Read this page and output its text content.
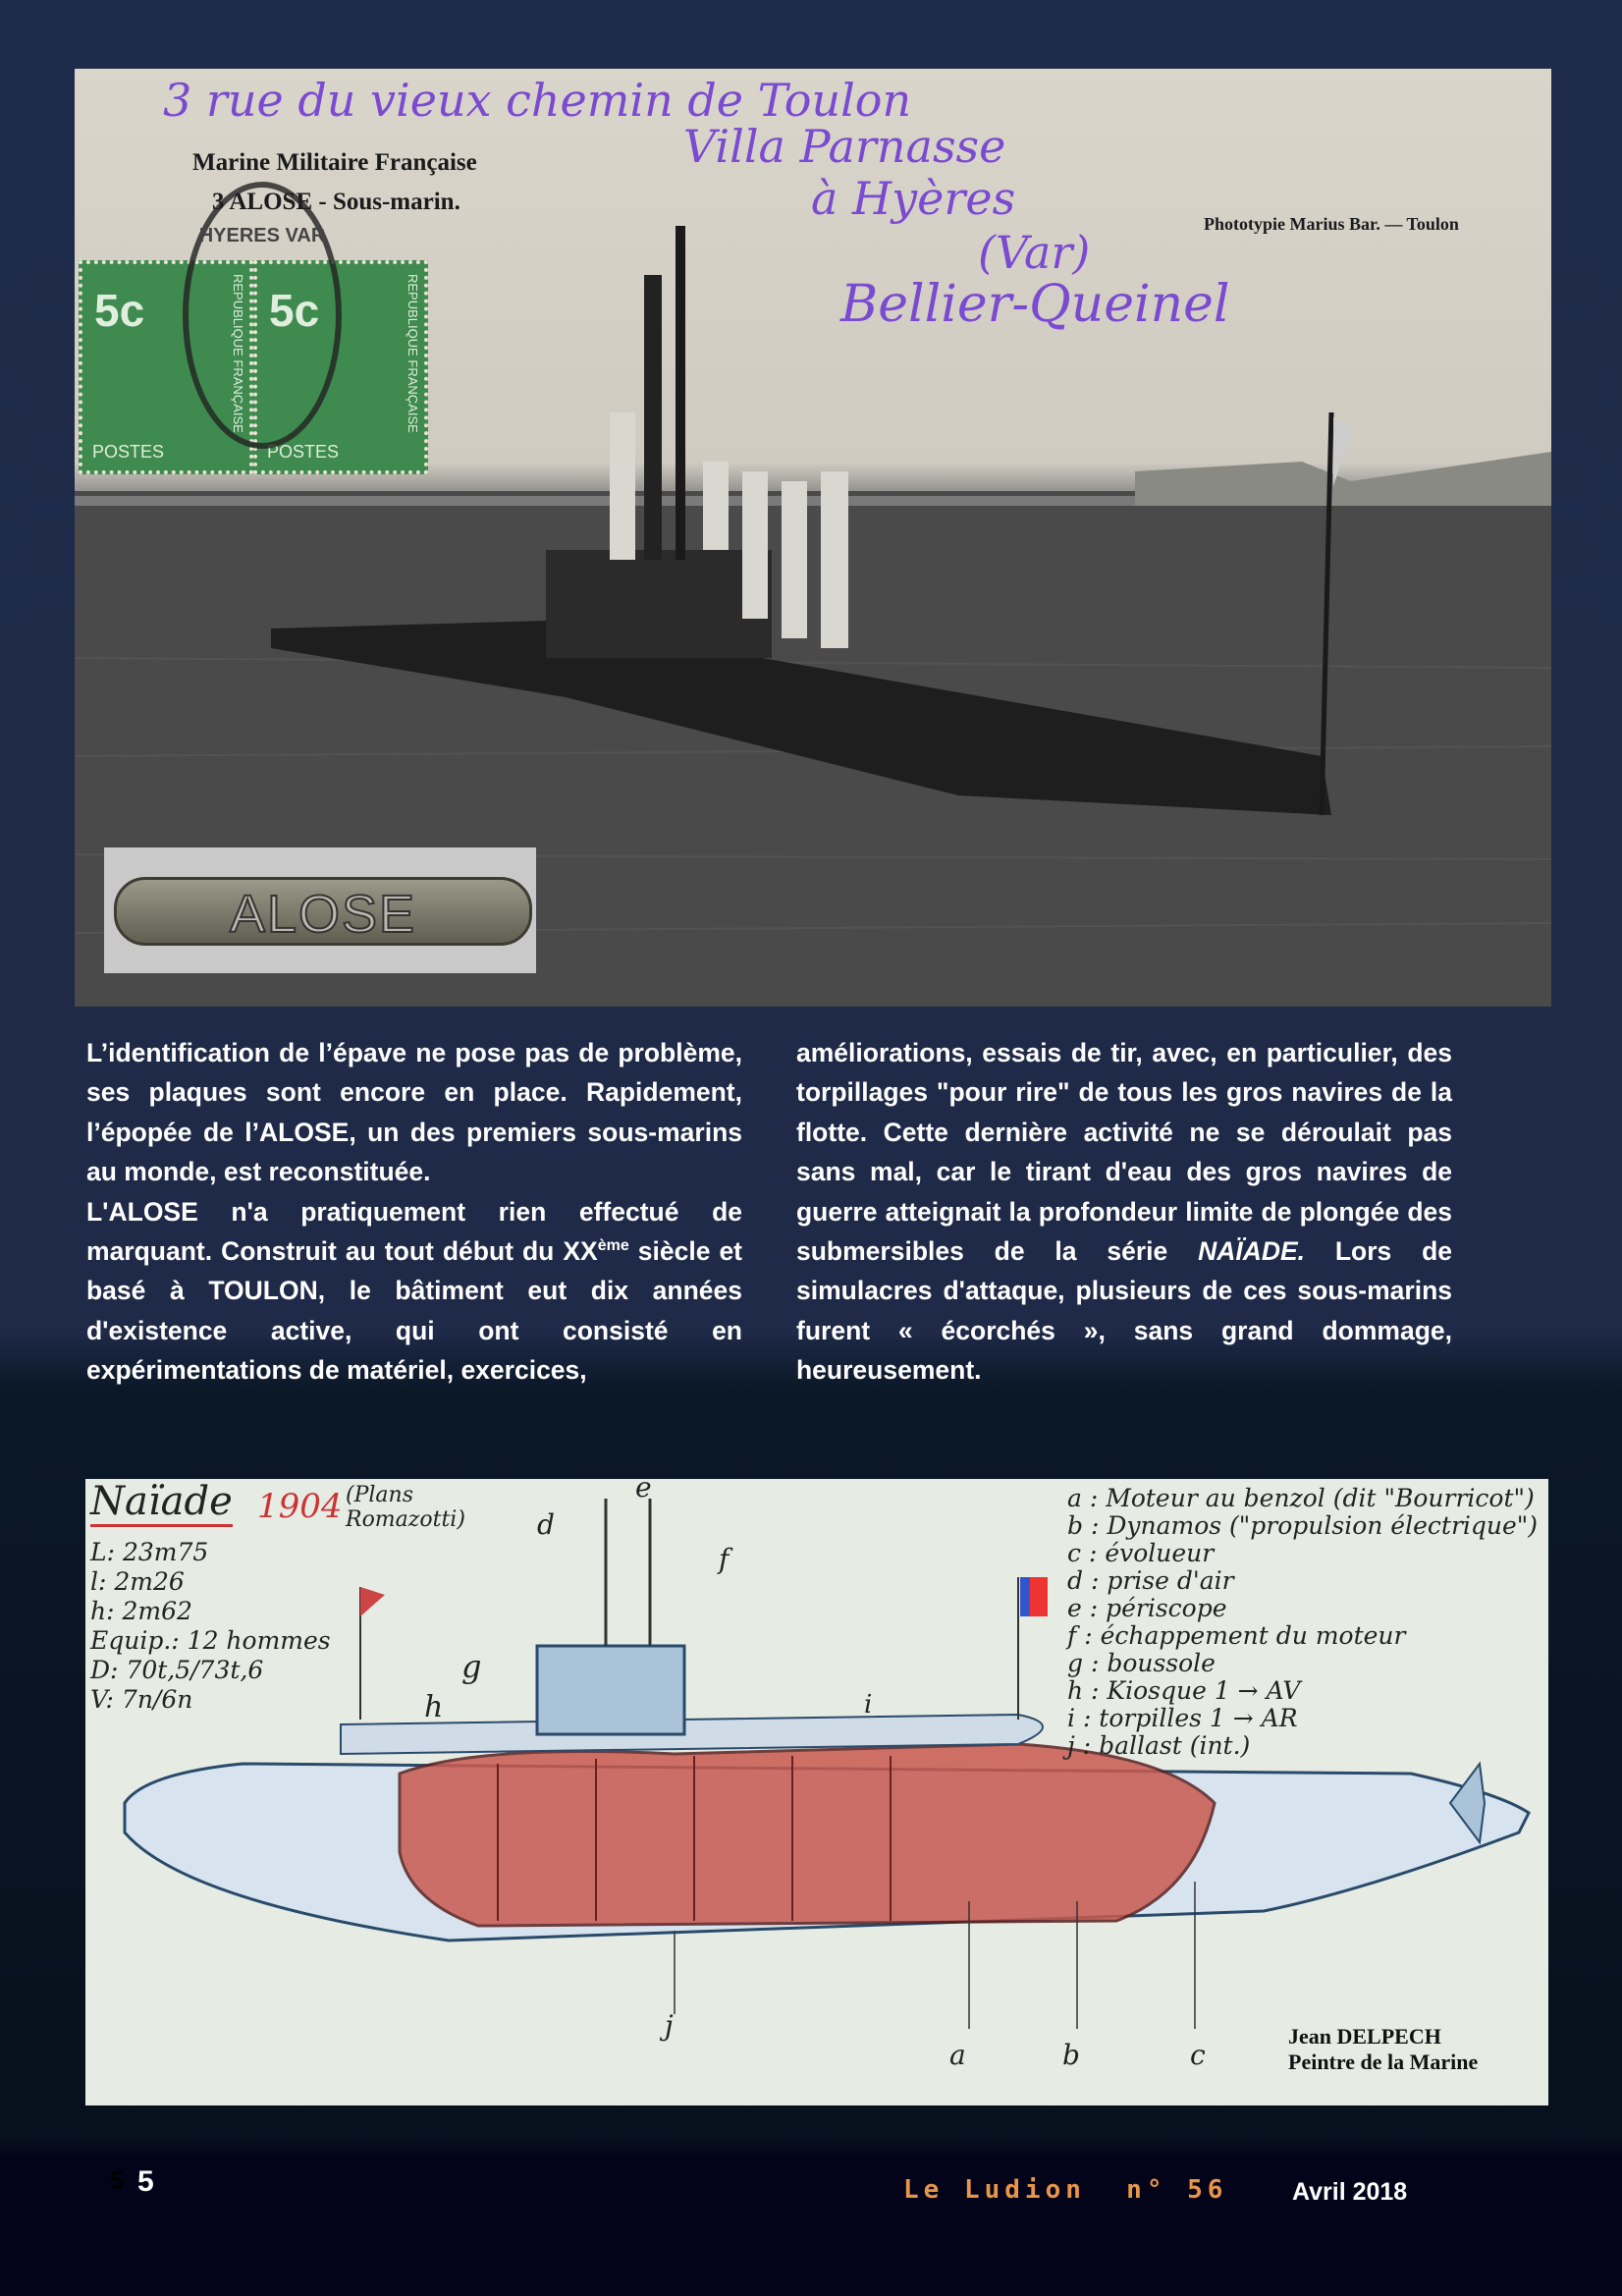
Marine Militaire Française
3 ALOSE - Sous-marin.
Phototypie Marius Bar. — Toulon
3 rue du vieux chemin de Toulon
Villa Parnasse
à Hyères
(Var)
Bellier-Queinel
5c	REPUBLIQUE FRANÇAISE
POSTES
5c	REPUBLIQUE FRANÇAISE
POSTES
HYERES VAR
ALOSE

L’identification de l’épave ne pose pas de problème, ses plaques sont encore en place. Rapidement, l’épopée de l’ALOSE, un des premiers sous-marins au monde, est reconstituée.

L'ALOSE n'a pratiquement rien effectué de marquant. Construit au tout début du XXème siècle et basé à TOULON, le bâtiment eut dix années d'existence active, qui ont consisté en expérimentations de matériel, exercices,

améliorations, essais de tir, avec, en particulier, des torpillages "pour rire" de tous les gros navires de la flotte. Cette dernière activité ne se déroulait pas sans mal, car le tirant d'eau des gros navires de guerre atteignait la profondeur limite de plongée des submersibles de la série NAÏADE. Lors de simulacres d'attaque, plusieurs de ces sous-marins furent « écorchés », sans grand dommage, heureusement.

Naïade 1904 (Plans Romazotti)
L: 23m75
l: 2m26
h: 2m62
Equip.: 12 hommes
D: 70t,5/73t,6
V: 7n/6n
a : Moteur au benzol (dit "Bourricot")
b : Dynamos ("propulsion électrique")
c : évolueur
d : prise d'air
e : périscope
f : échappement du moteur
g : boussole
h : Kiosque 1 → AV
i : torpilles 1 → AR
j : ballast (int.)
a	b	c
d
e
f
g
h	i
j	Jean DELPECH
Peintre de la Marine
5 5	Le Ludion  n° 56	Avril 2018
